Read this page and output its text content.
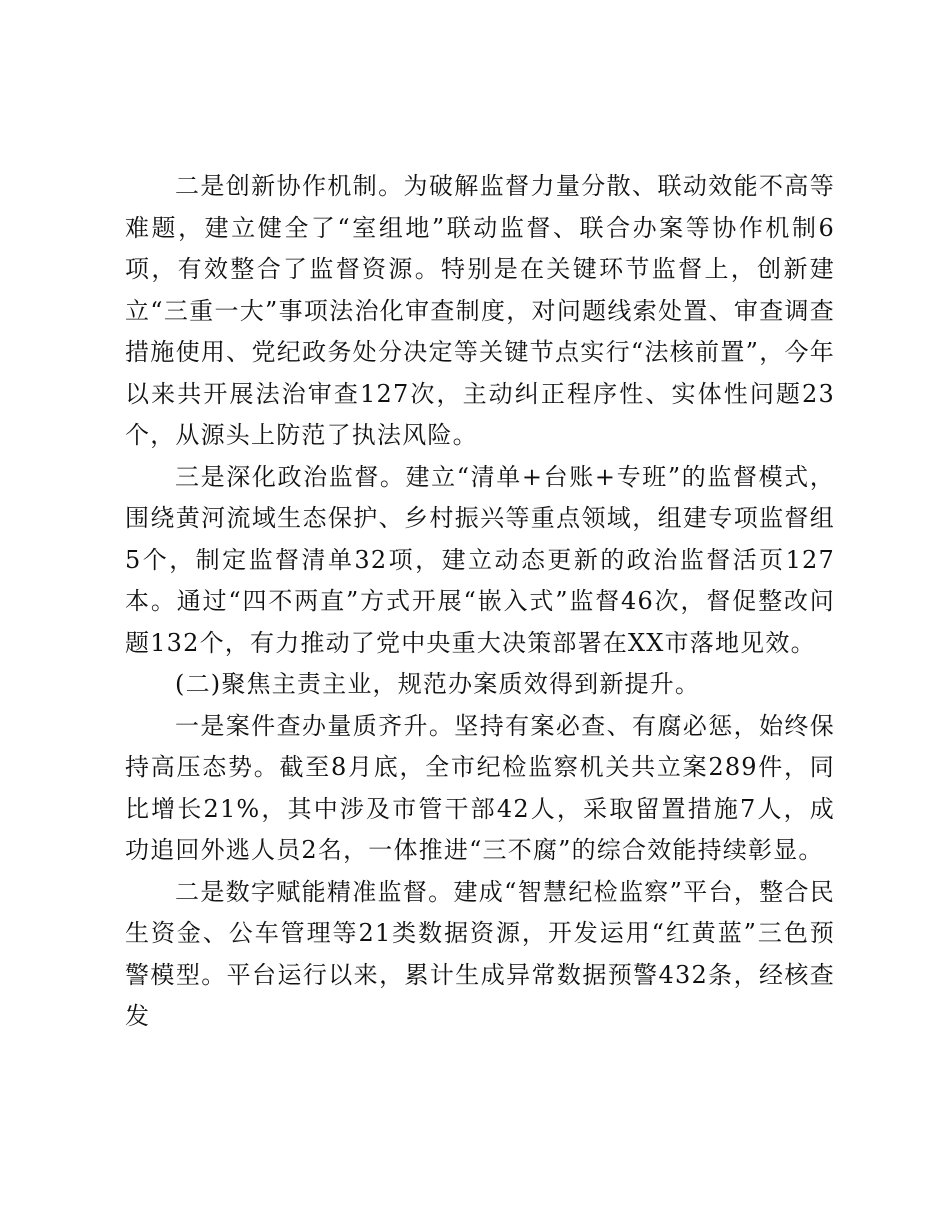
二是创新协作机制。为破解监督力量分散、联动效能不高等难题，建立健全了“室组地”联动监督、联合办案等协作机制6项，有效整合了监督资源。特别是在关键环节监督上，创新建立“三重一大”事项法治化审查制度，对问题线索处置、审查调查措施使用、党纪政务处分决定等关键节点实行“法核前置”，今年以来共开展法治审查127次，主动纠正程序性、实体性问题23个，从源头上防范了执法风险。

三是深化政治监督。建立“清单+台账+专班”的监督模式，围绕黄河流域生态保护、乡村振兴等重点领域，组建专项监督组5个，制定监督清单32项，建立动态更新的政治监督活页127本。通过“四不两直”方式开展“嵌入式”监督46次，督促整改问题132个，有力推动了党中央重大决策部署在XX市落地见效。

(二)聚焦主责主业，规范办案质效得到新提升。

一是案件查办量质齐升。坚持有案必查、有腐必惩，始终保持高压态势。截至8月底，全市纪检监察机关共立案289件，同比增长21%，其中涉及市管干部42人，采取留置措施7人，成功追回外逃人员2名，一体推进“三不腐”的综合效能持续彰显。

二是数字赋能精准监督。建成“智慧纪检监察”平台，整合民生资金、公车管理等21类数据资源，开发运用“红黄蓝”三色预警模型。平台运行以来，累计生成异常数据预警432条，经核查发
